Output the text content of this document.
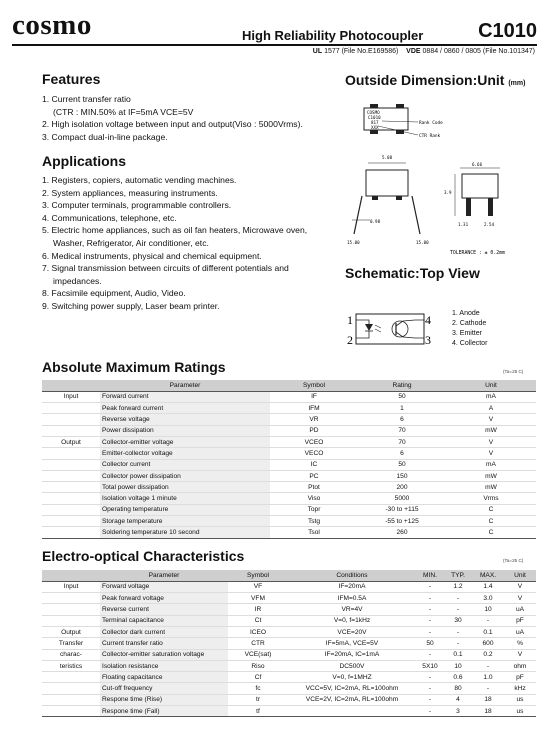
cosmo	High Reliability Photocoupler	C1010
UL 1577 (File No.E169586) VDE 0884 / 0860 / 0805 (File No.101347)
Features
1. Current transfer ratio
(CTR : MIN.50% at IF=5mA VCE=5V
2. High isolation voltage between input and output(Viso : 5000Vrms).
3. Compact dual-in-line package.
Applications
1. Registers, copiers, automatic vending machines.
2. System appliances, measuring instruments.
3. Computer terminals, programmable controllers.
4. Communications, telephone, etc.
5. Electric home appliances, such as oil fan heaters, Microwave oven,
Washer, Refrigerator, Air conditioner, etc.
6. Medical instruments, physical and chemical equipment.
7. Signal transmission between circuits of different potentials and
impedances.
8. Facsimile equipment, Audio, Video.
9. Switching power supply, Laser beam printer.
Outside Dimension:Unit (mm)
COSMO
C1010
817
XXX
Rank Code
CTR Rank
5.08
0.98
15.00	15.00
6.66
3.9
1.31	2.54
TOLERANCE : ± 0.2mm
Schematic:Top View
1
2	3
4	1. Anode
2. Cathode
3. Emitter
4. Collector
Absolute Maximum Ratings	(Ta=25 C)
	Parameter	Symbol	Rating	Unit
Input	Forward current	IF	50	mA
	Peak forward current	IFM	1	A
	Reverse voltage	VR	6	V
	Power dissipation	PD	70	mW
Output	Collector-emitter voltage	VCEO	70	V
	Emitter-collector voltage	VECO	6	V
	Collector current	IC	50	mA
	Collector power dissipation	PC	150	mW
	Total power dissipation	Ptot	200	mW
	Isolation voltage 1 minute	Viso	5000	Vrms
	Operating temperature	Topr	-30 to +115	C
	Storage temperature	Tstg	-55 to +125	C
	Soldering temperature 10 second	Tsol	260	C
Electro-optical Characteristics	(Ta=25 C)
	Parameter	Symbol	Conditions	MIN.	TYP.	MAX.	Unit
Input	Forward voltage	VF	IF=20mA	-	1.2	1.4	V
	Peak forward voltage	VFM	IFM=0.5A	-	-	3.0	V
	Reverse current	IR	VR=4V	-	-	10	uA
	Terminal capacitance	Ct	V=0, f=1kHz	-	30	-	pF
Output	Collector dark current	ICEO	VCE=20V	-	-	0.1	uA
Transfer	Current transfer ratio	CTR	IF=5mA, VCE=5V	50	-	600	%
charac-	Collector-emitter saturation voltage	VCE(sat)	IF=20mA, IC=1mA	-	0.1	0.2	V
teristics	Isolation resistance	Riso	DC500V	5X10	10	-	ohm
	Floating capacitance	Cf	V=0, f=1MHZ	-	0.6	1.0	pF
	Cut-off frequency	fc	VCC=5V, IC=2mA, RL=100ohm	-	80	-	kHz
	Respone time (Rise)	tr	VCE=2V, IC=2mA, RL=100ohm	-	4	18	us
	Respone time (Fall)	tf		-	3	18	us
